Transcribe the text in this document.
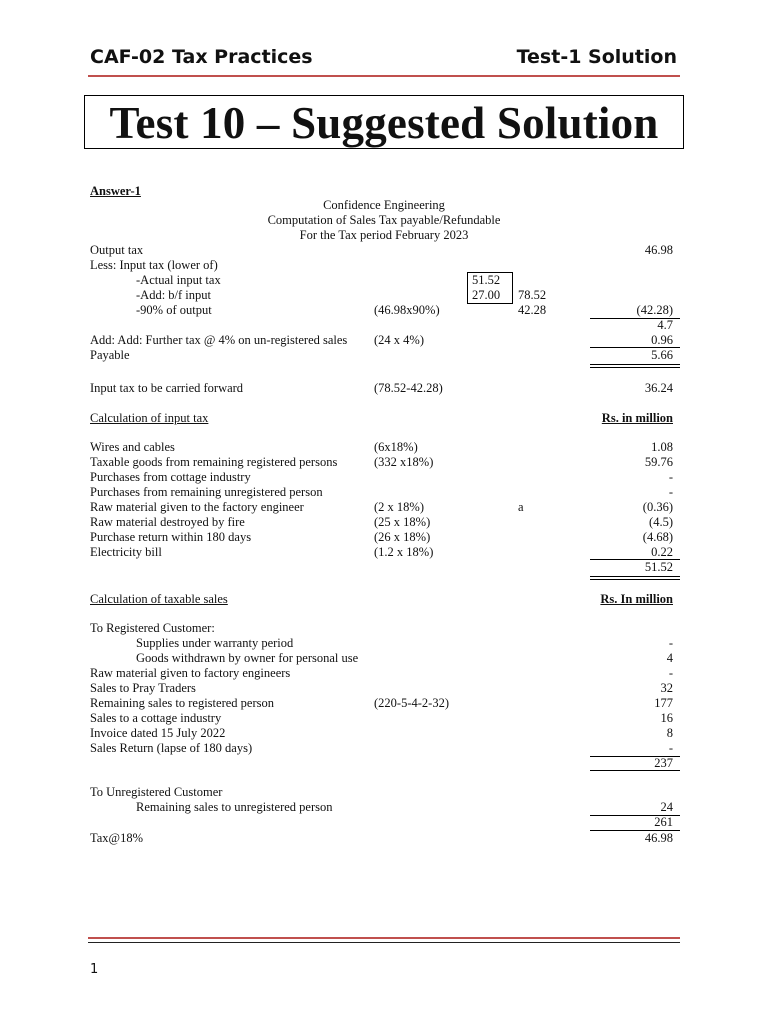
CAF-02 Tax Practices	Test-1 Solution
Test 10 – Suggested Solution
Answer-1
Confidence Engineering
Computation of Sales Tax payable/Refundable
For the Tax period February 2023
Output tax	46.98
Less: Input tax (lower of)
-Actual input tax	51.52
-Add: b/f input	27.00 78.52
-90% of output	(46.98x90%)	42.28	(42.28)
4.7
Add: Add: Further tax @ 4% on un-registered sales (24 x 4%)	0.96
Payable	5.66
Input tax to be carried forward	(78.52-42.28)	36.24
Calculation of input tax	Rs. in million
Wires and cables	(6x18%)	1.08
Taxable goods from remaining registered persons	(332 x18%)	59.76
Purchases from cottage industry	-
Purchases from remaining unregistered person	-
Raw material given to the factory engineer	(2 x 18%)	a	(0.36)
Raw material destroyed by fire	(25 x 18%)	(4.5)
Purchase return within 180 days	(26 x 18%)	(4.68)
Electricity bill	(1.2 x 18%)	0.22
51.52
Calculation of taxable sales	Rs. In million
To Registered Customer:
Supplies under warranty period	-
Goods withdrawn by owner for personal use	4
Raw material given to factory engineers	-
Sales to Pray Traders	32
Remaining sales to registered person	(220-5-4-2-32)	177
Sales to a cottage industry	16
Invoice dated 15 July 2022	8
Sales Return (lapse of 180 days)	-
237
To Unregistered Customer
Remaining sales to unregistered person	24
261
Tax@18%	46.98
1
